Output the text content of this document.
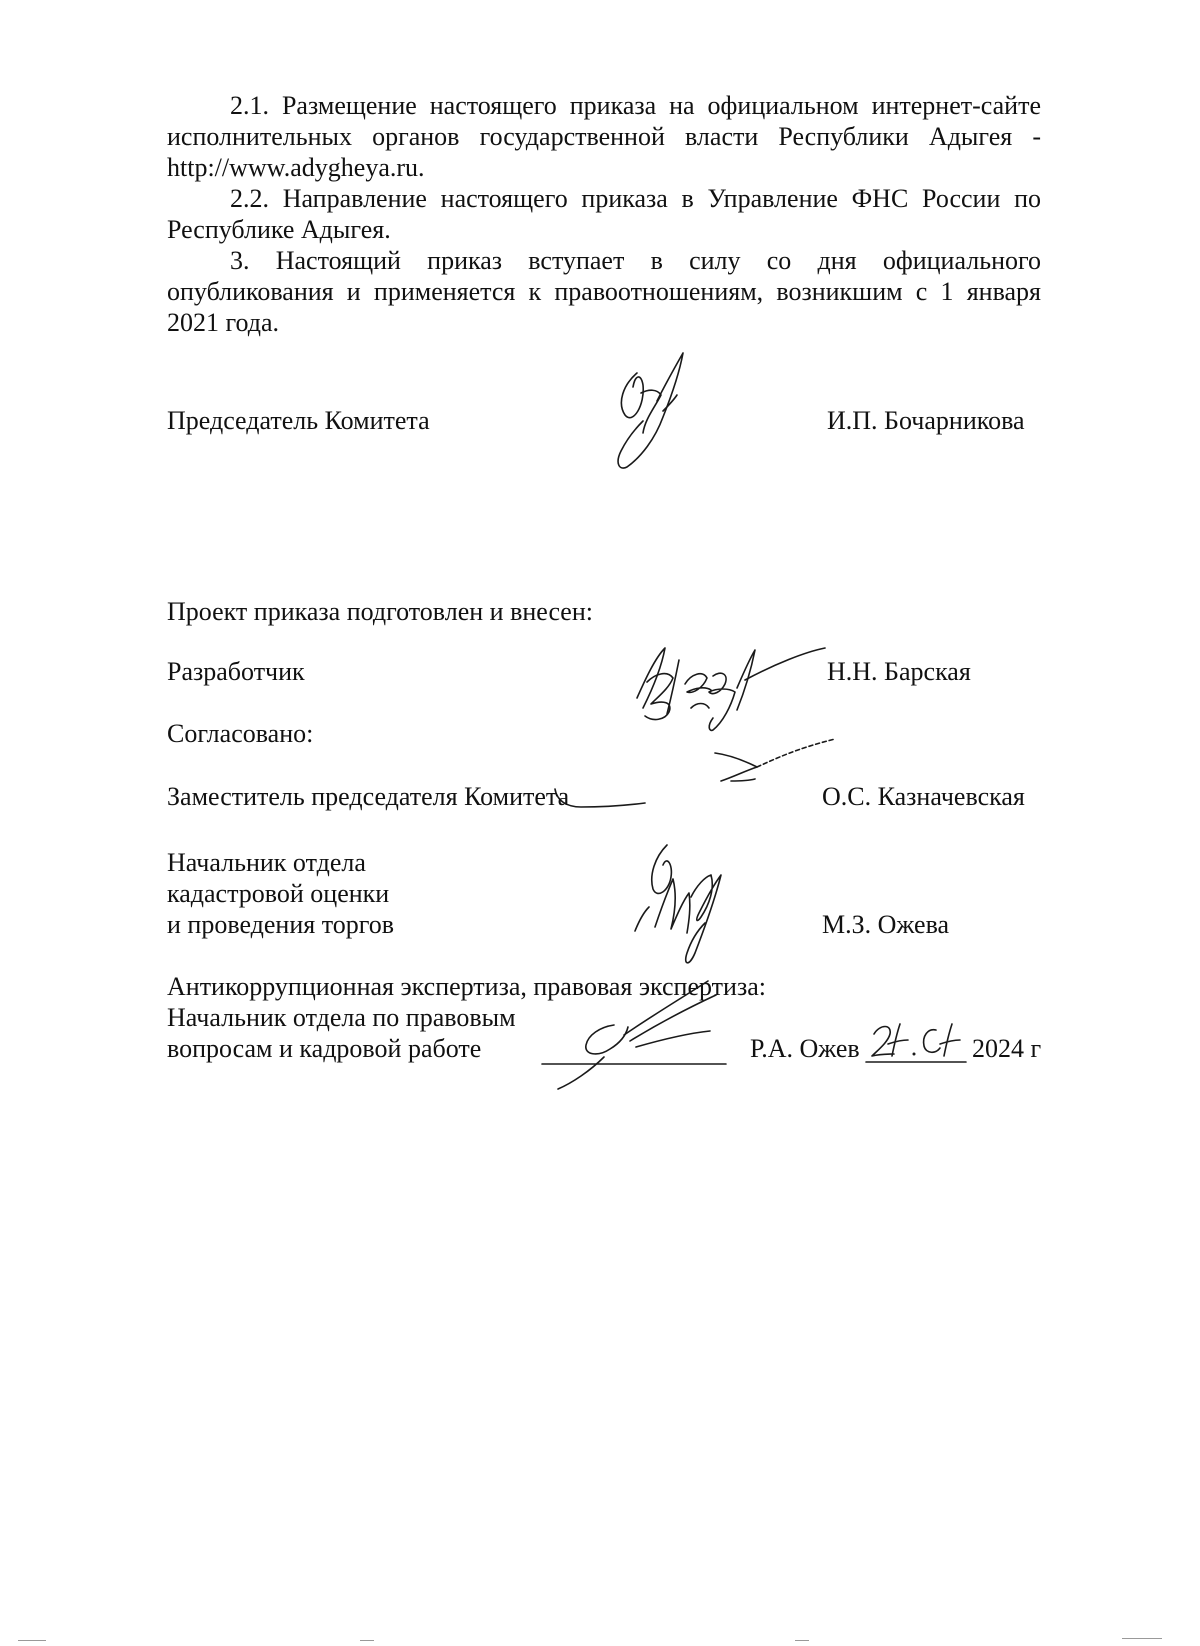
2.1. Размещение настоящего приказа на официальном интернет-сайте исполнительных органов государственной власти Республики Адыгея - http://www.adygheya.ru.
2.2. Направление настоящего приказа в Управление ФНС России по Республике Адыгея.
3. Настоящий приказ вступает в силу со дня официального опубликования и применяется к правоотношениям, возникшим с 1 января 2021 года.
Председатель Комитета	И.П. Бочарникова
Проект приказа подготовлен и внесен:
Разработчик	Н.Н. Барская
Согласовано:
Заместитель председателя Комитета	О.С. Казначевская
Начальник отдела
кадастровой оценки
и проведения торгов	М.З. Ожева
Антикоррупционная экспертиза, правовая экспертиза:
Начальник отдела по правовым
вопросам и кадровой работе	Р.А. Ожев	2024 г
